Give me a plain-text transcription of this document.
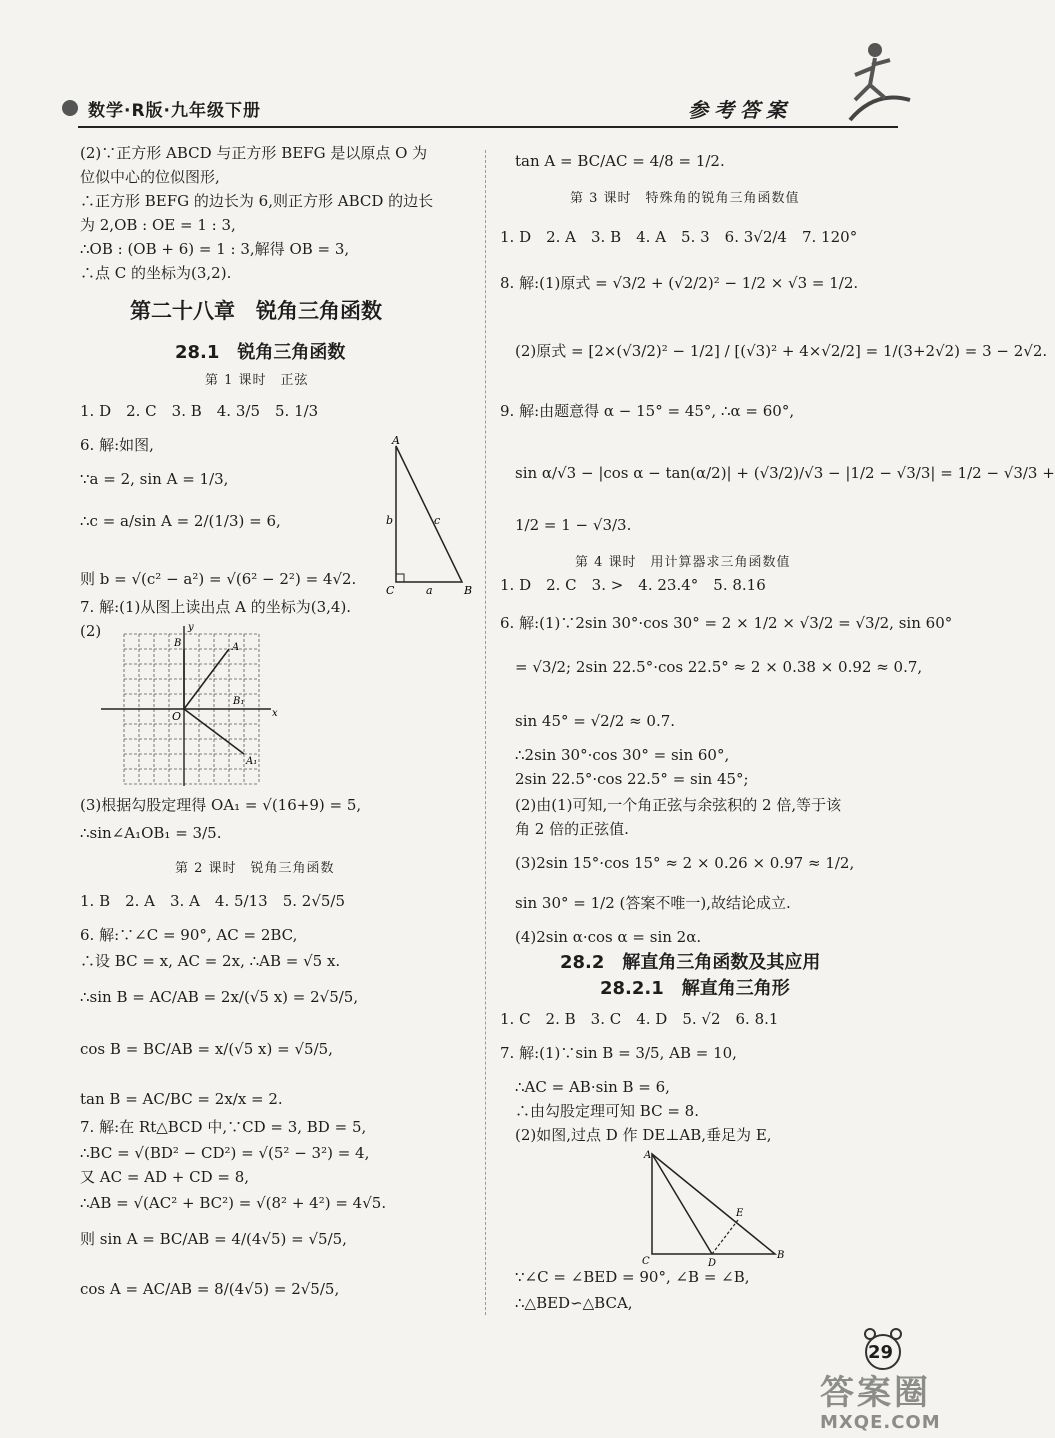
数学·R版·九年级下册	参考答案
(2)∵正方形 ABCD 与正方形 BEFG 是以原点 O 为
位似中心的位似图形,
∴正方形 BEFG 的边长为 6,则正方形 ABCD 的边长
为 2,OB : OE = 1 : 3,
∴OB : (OB + 6) = 1 : 3,解得 OB = 3,
∴点 C 的坐标为(3,2).
第二十八章　锐角三角函数
28.1　锐角三角函数
第 1 课时　正弦
1. D　2. C　3. B　4. 3/5　5. 1/3
6. 解:如图,
∵a = 2, sin A = 1/3,
∴c = a/sin A = 2/(1/3) = 6,
则 b = √(c² − a²) = √(6² − 2²) = 4√2.
7. 解:(1)从图上读出点 A 的坐标为(3,4).
(2)
(3)根据勾股定理得 OA₁ = √(16+9) = 5,
∴sin∠A₁OB₁ = 3/5.
第 2 课时　锐角三角函数
1. B　2. A　3. A　4. 5/13　5. 2√5/5
6. 解:∵∠C = 90°, AC = 2BC,
∴设 BC = x, AC = 2x, ∴AB = √5 x.
∴sin B = AC/AB = 2x/(√5 x) = 2√5/5,
cos B = BC/AB = x/(√5 x) = √5/5,
tan B = AC/BC = 2x/x = 2.
7. 解:在 Rt△BCD 中,∵CD = 3, BD = 5,
∴BC = √(BD² − CD²) = √(5² − 3²) = 4,
又 AC = AD + CD = 8,
∴AB = √(AC² + BC²) = √(8² + 4²) = 4√5.
则 sin A = BC/AB = 4/(4√5) = √5/5,
cos A = AC/AB = 8/(4√5) = 2√5/5,
A
C	B
b	c
a
y
x
O
A
B
A₁
B₁
tan A = BC/AC = 4/8 = 1/2.
第 3 课时　特殊角的锐角三角函数值
1. D　2. A　3. B　4. A　5. 3　6. 3√2/4　7. 120°
8. 解:(1)原式 = √3/2 + (√2/2)² − 1/2 × √3 = 1/2.
(2)原式 = [2×(√3/2)² − 1/2] / [(√3)² + 4×√2/2] = 1/(3+2√2) = 3 − 2√2.
9. 解:由题意得 α − 15° = 45°, ∴α = 60°,
sin α/√3 − |cos α − tan(α/2)| + (√3/2)/√3 − |1/2 − √3/3| = 1/2 − √3/3 +
1/2 = 1 − √3/3.
第 4 课时　用计算器求三角函数值
1. D　2. C　3. >　4. 23.4°　5. 8.16
6. 解:(1)∵2sin 30°·cos 30° = 2 × 1/2 × √3/2 = √3/2, sin 60°
= √3/2; 2sin 22.5°·cos 22.5° ≈ 2 × 0.38 × 0.92 ≈ 0.7,
sin 45° = √2/2 ≈ 0.7.
∴2sin 30°·cos 30° = sin 60°,
2sin 22.5°·cos 22.5° = sin 45°;
(2)由(1)可知,一个角正弦与余弦积的 2 倍,等于该
角 2 倍的正弦值.
(3)2sin 15°·cos 15° ≈ 2 × 0.26 × 0.97 ≈ 1/2,
sin 30° = 1/2 (答案不唯一),故结论成立.
(4)2sin α·cos α = sin 2α.
28.2　解直角三角函数及其应用
28.2.1　解直角三角形
1. C　2. B　3. C　4. D　5. √2　6. 8.1
7. 解:(1)∵sin B = 3/5, AB = 10,
∴AC = AB·sin B = 6,
∴由勾股定理可知 BC = 8.
(2)如图,过点 D 作 DE⊥AB,垂足为 E,
∵∠C = ∠BED = 90°, ∠B = ∠B,
∴△BED∽△BCA,
A
C	D
B
E
29
答案圈
MXQE.COM
